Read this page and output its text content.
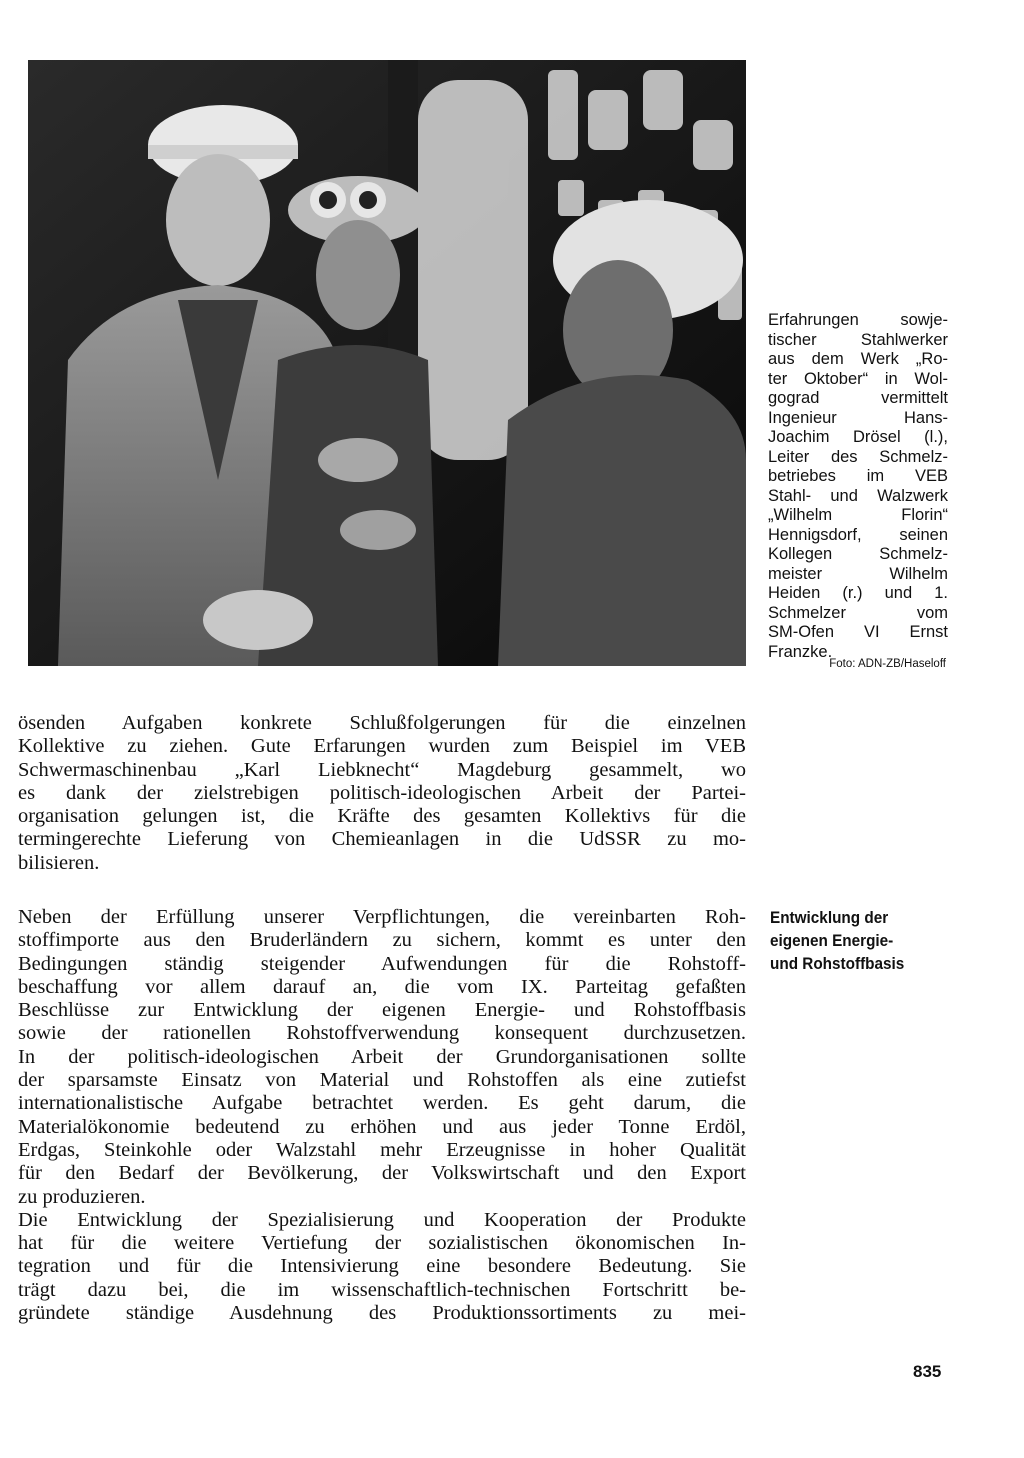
Erfahrungen sowje-
tischer Stahlwerker
aus dem Werk „Ro-
ter Oktober“ in Wol-
gograd vermittelt
Ingenieur Hans-
Joachim Drösel (l.),
Leiter des Schmelz-
betriebes im VEB
Stahl- und Walzwerk
„Wilhelm Florin“
Hennigsdorf, seinen
Kollegen Schmelz-
meister Wilhelm
Heiden (r.) und 1.
Schmelzer vom
SM-Ofen VI Ernst
Franzke.
Foto: ADN-ZB/Haseloff
ösenden Aufgaben konkrete Schlußfolgerungen für die einzelnen
Kollektive zu ziehen. Gute Erfarungen wurden zum Beispiel im VEB
Schwermaschinenbau „Karl Liebknecht“ Magdeburg gesammelt, wo
es dank der zielstrebigen politisch-ideologischen Arbeit der Partei-
organisation gelungen ist, die Kräfte des gesamten Kollektivs für die
termingerechte Lieferung von Chemieanlagen in die UdSSR zu mo-
bilisieren.
Neben der Erfüllung unserer Verpflichtungen, die vereinbarten Roh-
stoffimporte aus den Bruderländern zu sichern, kommt es unter den
Bedingungen ständig steigender Aufwendungen für die Rohstoff-
beschaffung vor allem darauf an, die vom IX. Parteitag gefaßten
Beschlüsse zur Entwicklung der eigenen Energie- und Rohstoffbasis
sowie der rationellen Rohstoffverwendung konsequent durchzusetzen.
In der politisch-ideologischen Arbeit der Grundorganisationen sollte
der sparsamste Einsatz von Material und Rohstoffen als eine zutiefst
internationalistische Aufgabe betrachtet werden. Es geht darum, die
Materialökonomie bedeutend zu erhöhen und aus jeder Tonne Erdöl,
Erdgas, Steinkohle oder Walzstahl mehr Erzeugnisse in hoher Qualität
für den Bedarf der Bevölkerung, der Volkswirtschaft und den Export
zu produzieren.
Die Entwicklung der Spezialisierung und Kooperation der Produkte
hat für die weitere Vertiefung der sozialistischen ökonomischen In-
tegration und für die Intensivierung eine besondere Bedeutung. Sie
trägt dazu bei, die im wissenschaftlich-technischen Fortschritt be-
gründete ständige Ausdehnung des Produktionssortiments zu mei-
Entwicklung der
eigenen Energie-
und Rohstoffbasis
835
